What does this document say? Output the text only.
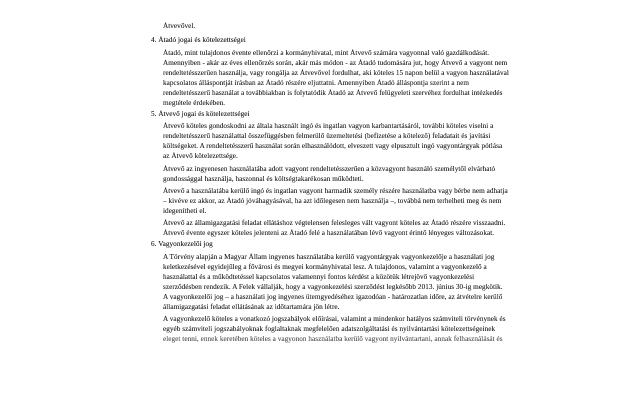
Átvevővel.
4. Átadó jogai és kötelezettségei
Átadó, mint tulajdonos évente ellenőrzi a kormányhivatal, mint Átvevő számára vagyonnal való gazdálkodását.
Amennyiben - akár az éves ellenőrzés során, akár más módon - az Átadó tudomására jut, hogy Átvevő a vagyont nem
rendeltetésszerűen használja, vagy rongálja az Átvevővel fordulhat, aki köteles 15 napon belül a vagyon használatával
kapcsolatos álláspontját írásban az Átadó részére eljuttatni. Amennyiben Átadó álláspontja szerint a nem
rendeltetésszerű használat a továbbiakban is folytatódik Átadó az Átvevő felügyeleti szervéhez fordulhat intézkedés
megtétele érdekében.
5. Átvevő jogai és kötelezettségei
Átvevő köteles gondoskodni az általa használt ingó és ingatlan vagyon karbantartásáról, további köteles viselni a
rendeltetésszerű használattal összefüggésben felmerülő üzemeltetési (befizetése a kötelező) feladatait és javítási
költségeket. A rendeltetésszerű használat során elhasználódott, elveszett vagy elpusztult ingó vagyontárgyak pótlása
az Átvevő kötelezettsége.
Átvevő az ingyenesen használatába adott vagyont rendeltetésszerűen a közvagyont használó személytől elvárható
gondossággal használja, haszonnal és költségtakarékosan működteti.
Átvevő a használatába kerülő ingó és ingatlan vagyont harmadik személy részére használatba vagy bérbe nem adhatja
– kivéve ez akkor, az Átadó jóváhagyásával, ha azt időlegesen nem használja –, továbbá nem terhelheti meg és nem
idegenítheti el.
Átvevő az államigazgatási feladat ellátáshoz végtelensen felesleges vált vagyont köteles az Átadó részére visszaadni.
Átvevő évente egyszer köteles jelenteni az Átadó felé a használatában lévő vagyont érintő lényeges változásokat.
6. Vagyonkezelői jog
A Törvény alapján a Magyar Állam ingyenes használatába kerülő vagyontárgyak vagyonkezelője a használati jog
keletkezésével egyidejűleg a fővárosi és megyei kormányhivatal lesz. A tulajdonos, valamint a vagyonkezelő a
használattal és a működtetéssel kapcsolatos valamennyi fontos kérdést a közötük létrejövő vagyonkezelési
szerződésben rendezik. A Felek vállalják, hogy a vagyonkezelési szerződést legkésőbb 2013. június 30-ig megkötik.
A vagyonkezelői jog – a használati jog ingyenes ütemgyedéséhez igazodóan - határozatlan időre, az átvételre kerülő
államigazgatási feladat ellátásának az időtartamára jön létre.
A vagyonkezelő köteles a vonatkozó jogszabályok előírásai, valamint a mindenkor hatályos számviteli törvénynek és
egyéb számviteli jogszabályoknak foglaltaknak megfelelően adatszolgáltatási és nyilvántartási kötelezettségeinek
eleget tenni, ennek keretében köteles a vagyonon használatba kerülő vagyont nyilvántartani, annak felhasználását és
